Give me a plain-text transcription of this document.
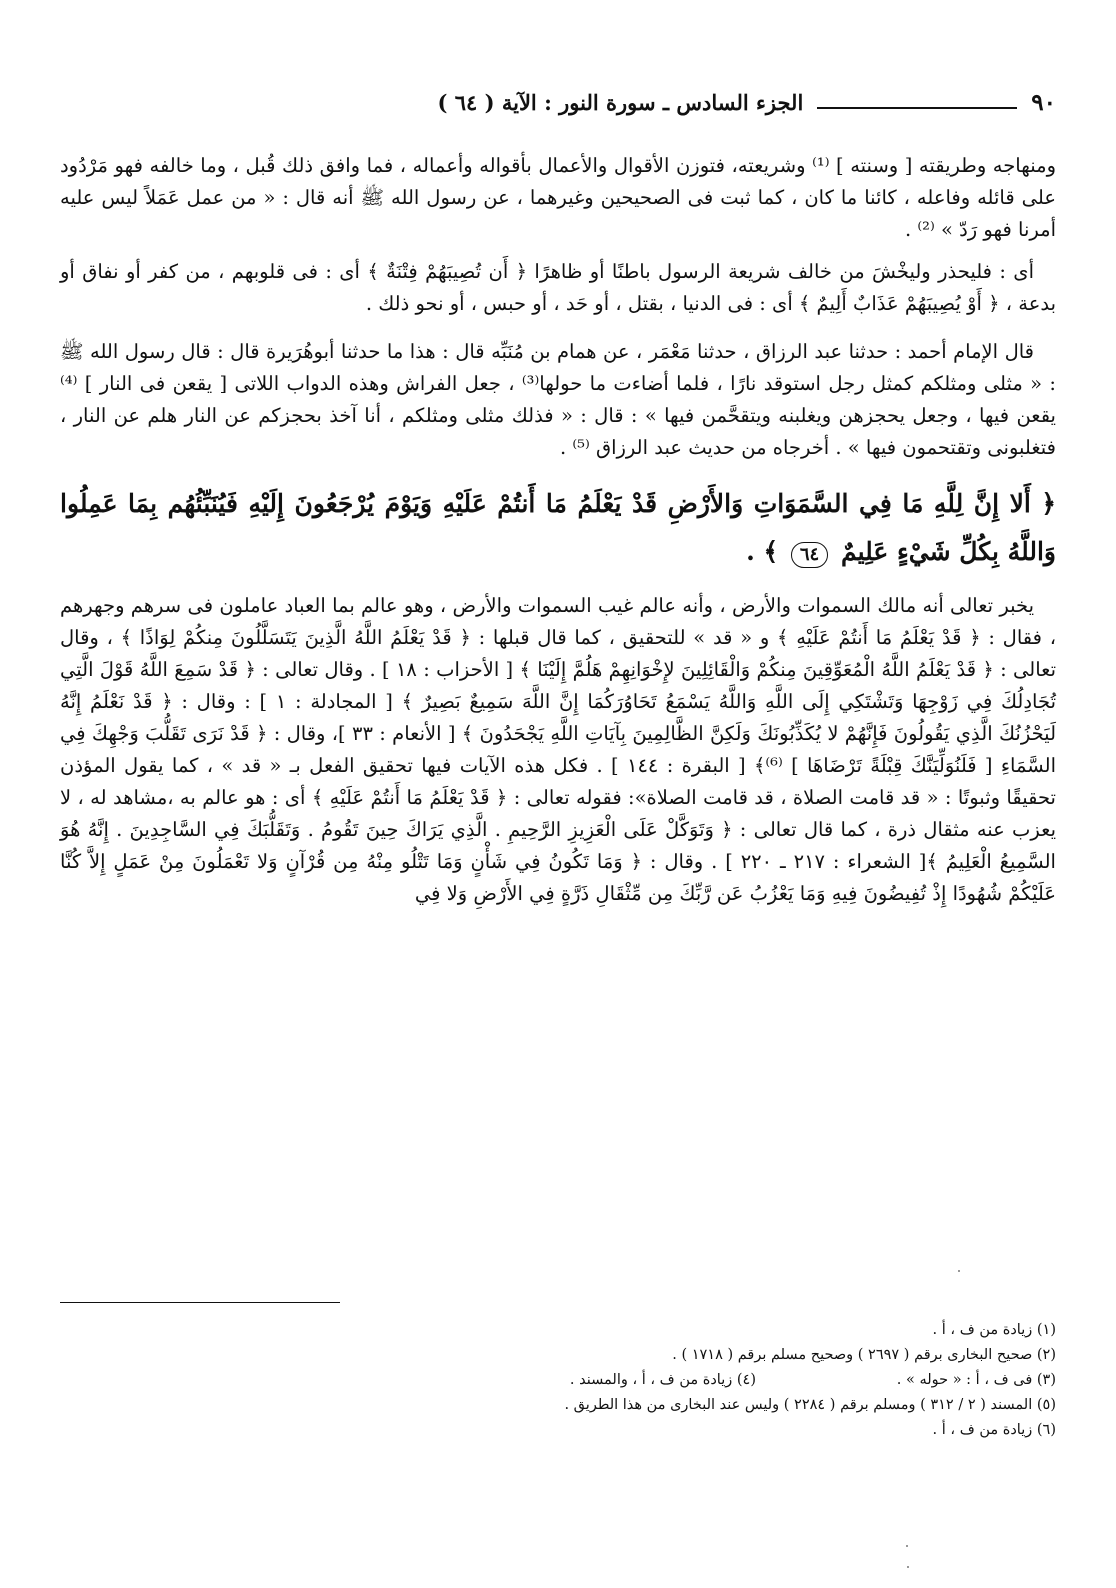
٩٠
الجزء السادس ـ سورة النور : الآية ( ٦٤ )

ومنهاجه وطريقته [ وسنته ] ⁽¹⁾ وشريعته، فتوزن الأقوال والأعمال بأقواله وأعماله ، فما وافق ذلك قُبل ، وما خالفه فهو مَرْدُود على قائله وفاعله ، كائنا ما كان ، كما ثبت فى الصحيحين وغيرهما ، عن رسول الله ﷺ أنه قال : « من عمل عَمَلاً ليس عليه أمرنا فهو رَدّ » ⁽²⁾ .

أى : فليحذر وليخْشَ من خالف شريعة الرسول باطنًا أو ظاهرًا ﴿ أَن تُصِيبَهُمْ فِتْنَةٌ ﴾ أى : فى قلوبهم ، من كفر أو نفاق أو بدعة ، ﴿ أَوْ يُصِيبَهُمْ عَذَابٌ أَلِيمٌ ﴾ أى : فى الدنيا ، بقتل ، أو حَد ، أو حبس ، أو نحو ذلك .

قال الإمام أحمد : حدثنا عبد الرزاق ، حدثنا مَعْمَر ، عن همام بن مُنَبِّه قال : هذا ما حدثنا أبوهُرَيرة قال : قال رسول الله ﷺ : « مثلى ومثلكم كمثل رجل استوقد نارًا ، فلما أضاءت ما حولها⁽³⁾ ، جعل الفراش وهذه الدواب اللاتى [ يقعن فى النار ] ⁽⁴⁾ يقعن فيها ، وجعل يحجزهن ويغلبنه ويتقحَّمن فيها » : قال : « فذلك مثلى ومثلكم ، أنا آخذ بحجزكم عن النار هلم عن النار ، فتغلبونى وتقتحمون فيها » . أخرجاه من حديث عبد الرزاق ⁽⁵⁾ .

﴿ أَلا إِنَّ لِلَّهِ مَا فِي السَّمَوَاتِ وَالأَرْضِ قَدْ يَعْلَمُ مَا أَنتُمْ عَلَيْهِ وَيَوْمَ يُرْجَعُونَ إِلَيْهِ فَيُنَبِّئُهُم بِمَا عَمِلُوا وَاللَّهُ بِكُلِّ شَيْءٍ عَلِيمٌ ٦٤ ﴾ .

يخبر تعالى أنه مالك السموات والأرض ، وأنه عالم غيب السموات والأرض ، وهو عالم بما العباد عاملون فى سرهم وجهرهم ، فقال : ﴿ قَدْ يَعْلَمُ مَا أَنتُمْ عَلَيْهِ ﴾ و « قد » للتحقيق ، كما قال قبلها : ﴿ قَدْ يَعْلَمُ اللَّهُ الَّذِينَ يَتَسَلَّلُونَ مِنكُمْ لِوَاذًا ﴾ ، وقال تعالى : ﴿ قَدْ يَعْلَمُ اللَّهُ الْمُعَوِّقِينَ مِنكُمْ وَالْقَائِلِينَ لإِخْوَانِهِمْ هَلُمَّ إِلَيْنَا ﴾ [ الأحزاب : ١٨ ] . وقال تعالى : ﴿ قَدْ سَمِعَ اللَّهُ قَوْلَ الَّتِي تُجَادِلُكَ فِي زَوْجِهَا وَتَشْتَكِي إِلَى اللَّهِ وَاللَّهُ يَسْمَعُ تَحَاوُرَكُمَا إِنَّ اللَّهَ سَمِيعٌ بَصِيرٌ ﴾ [ المجادلة : ١ ] : وقال : ﴿ قَدْ نَعْلَمُ إِنَّهُ لَيَحْزُنُكَ الَّذِي يَقُولُونَ فَإِنَّهُمْ لا يُكَذِّبُونَكَ وَلَكِنَّ الظَّالِمِينَ بِآيَاتِ اللَّهِ يَجْحَدُونَ ﴾ [ الأنعام : ٣٣ ]، وقال : ﴿ قَدْ نَرَى تَقَلُّبَ وَجْهِكَ فِي السَّمَاءِ [ فَلَنُوَلِّيَنَّكَ قِبْلَةً تَرْضَاهَا ] ⁽⁶⁾﴾ [ البقرة : ١٤٤ ] . فكل هذه الآيات فيها تحقيق الفعل بـ « قد » ، كما يقول المؤذن تحقيقًا وثبوتًا : « قد قامت الصلاة ، قد قامت الصلاة»: فقوله تعالى : ﴿ قَدْ يَعْلَمُ مَا أَنتُمْ عَلَيْهِ ﴾ أى : هو عالم به ،مشاهد له ، لا يعزب عنه مثقال ذرة ، كما قال تعالى : ﴿ وَتَوَكَّلْ عَلَى الْعَزِيزِ الرَّحِيمِ . الَّذِي يَرَاكَ حِينَ تَقُومُ . وَتَقَلُّبَكَ فِي السَّاجِدِينَ . إِنَّهُ هُوَ السَّمِيعُ الْعَلِيمُ ﴾[ الشعراء : ٢١٧ ـ ٢٢٠ ] . وقال : ﴿ وَمَا تَكُونُ فِي شَأْنٍ وَمَا تَتْلُو مِنْهُ مِن قُرْآنٍ وَلا تَعْمَلُونَ مِنْ عَمَلٍ إِلاَّ كُنَّا عَلَيْكُمْ شُهُودًا إِذْ تُفِيضُونَ فِيهِ وَمَا يَعْزُبُ عَن رَّبِّكَ مِن مِّثْقَالِ ذَرَّةٍ فِي الأَرْضِ وَلا فِي

(١) زيادة من ف ، أ .
(٢) صحيح البخارى برقم ( ٢٦٩٧ ) وصحيح مسلم برقم ( ١٧١٨ ) .
(٣) فى ف ، أ : « حوله » .
(٤) زيادة من ف ، أ ، والمسند .
(٥) المسند ( ٢ / ٣١٢ ) ومسلم برقم ( ٢٢٨٤ ) وليس عند البخارى من هذا الطريق .
(٦) زيادة من ف ، أ .
